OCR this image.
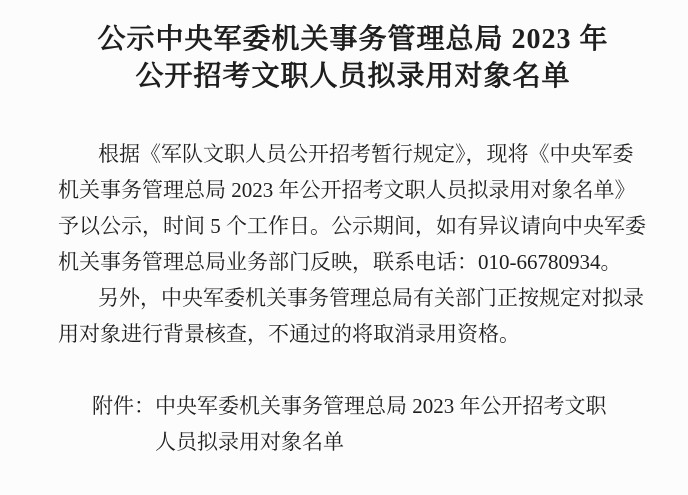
公示中央军委机关事务管理总局 2023 年
公开招考文职人员拟录用对象名单

根据《军队文职人员公开招考暂行规定》，现将《中央军委
机关事务管理总局 2023 年公开招考文职人员拟录用对象名单》
予以公示，时间 5 个工作日。公示期间，如有异议请向中央军委
机关事务管理总局业务部门反映，联系电话：010-66780934。

另外，中央军委机关事务管理总局有关部门正按规定对拟录
用对象进行背景核查，不通过的将取消录用资格。

附件： 中央军委机关事务管理总局 2023 年公开招考文职
人员拟录用对象名单
